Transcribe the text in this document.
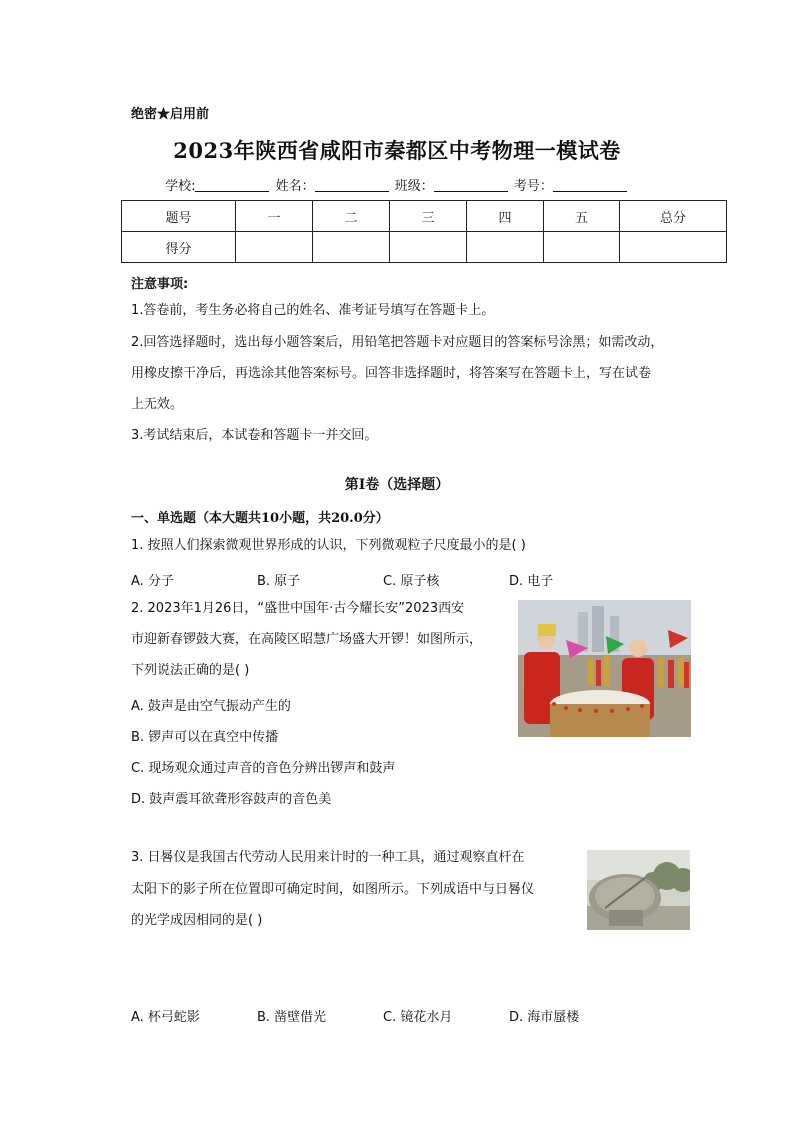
绝密★启用前
2023年陕西省咸阳市秦都区中考物理一模试卷
学校:	姓名：	班级：	考号：
题号	一	二	三	四	五	总分
得分						
注意事项:
1.答卷前，考生务必将自己的姓名、准考证号填写在答题卡上。
2.回答选择题时，选出每小题答案后，用铅笔把答题卡对应题目的答案标号涂黑；如需改动，
用橡皮擦干净后，再选涂其他答案标号。回答非选择题时，将答案写在答题卡上，写在试卷
上无效。
3.考试结束后，本试卷和答题卡一并交回。
第I卷（选择题）
一、单选题（本大题共10小题，共20.0分）
1. 按照人们探索微观世界形成的认识，下列微观粒子尺度最小的是( )
A. 分子	B. 原子	C. 原子核	D. 电子
2. 2023年1月26日，“盛世中国年·古今耀长安”2023西安
市迎新春锣鼓大赛，在高陵区昭慧广场盛大开锣！如图所示，
下列说法正确的是( )
A. 鼓声是由空气振动产生的
B. 锣声可以在真空中传播
C. 现场观众通过声音的音色分辨出锣声和鼓声
D. 鼓声震耳欲聋形容鼓声的音色美
3. 日晷仪是我国古代劳动人民用来计时的一种工具，通过观察直杆在
太阳下的影子所在位置即可确定时间，如图所示。下列成语中与日晷仪
的光学成因相同的是( )
A. 杯弓蛇影	B. 凿壁借光	C. 镜花水月	D. 海市蜃楼
